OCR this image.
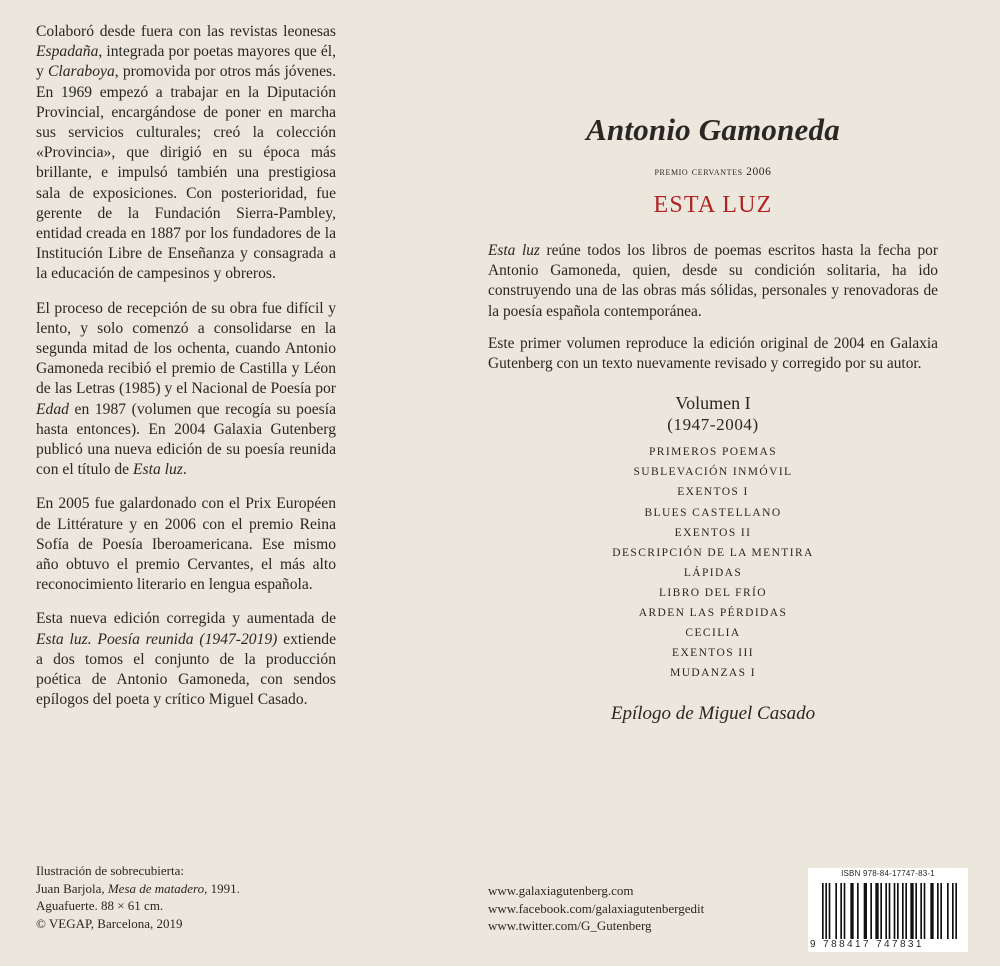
Colaboró desde fuera con las revistas leonesas Espadaña, integrada por poetas mayores que él, y Claraboya, promovida por otros más jóvenes. En 1969 empezó a trabajar en la Diputación Provincial, encargándose de poner en marcha sus servicios culturales; creó la colección «Provincia», que dirigió en su época más brillante, e impulsó también una prestigiosa sala de exposiciones. Con posterioridad, fue gerente de la Fundación Sierra-Pambley, entidad creada en 1887 por los fundadores de la Institución Libre de Enseñanza y consagrada a la educación de campesinos y obreros.

El proceso de recepción de su obra fue difícil y lento, y solo comenzó a consolidarse en la segunda mitad de los ochenta, cuando Antonio Gamoneda recibió el premio de Castilla y Léon de las Letras (1985) y el Nacional de Poesía por Edad en 1987 (volumen que recogía su poesía hasta entonces). En 2004 Galaxia Gutenberg publicó una nueva edición de su poesía reunida con el título de Esta luz.

En 2005 fue galardonado con el Prix Européen de Littérature y en 2006 con el premio Reina Sofía de Poesía Iberoamericana. Ese mismo año obtuvo el premio Cervantes, el más alto reconocimiento literario en lengua española.

Esta nueva edición corregida y aumentada de Esta luz. Poesía reunida (1947-2019) extiende a dos tomos el conjunto de la producción poética de Antonio Gamoneda, con sendos epílogos del poeta y crítico Miguel Casado.

Ilustración de sobrecubierta:
Juan Barjola, Mesa de matadero, 1991.
Aguafuerte. 88 × 61 cm.
© VEGAP, Barcelona, 2019
Antonio Gamoneda
premio cervantes 2006
ESTA LUZ

Esta luz reúne todos los libros de poemas escritos hasta la fecha por Antonio Gamoneda, quien, desde su condición solitaria, ha ido construyendo una de las obras más sólidas, personales y renovadoras de la poesía española contemporánea.

Este primer volumen reproduce la edición original de 2004 en Galaxia Gutenberg con un texto nuevamente revisado y corregido por su autor.

Volumen I
(1947-2004)
PRIMEROS POEMAS
SUBLEVACIÓN INMÓVIL
EXENTOS I
BLUES CASTELLANO
EXENTOS II
DESCRIPCIÓN DE LA MENTIRA
LÁPIDAS
LIBRO DEL FRÍO
ARDEN LAS PÉRDIDAS
CECILIA
EXENTOS III
MUDANZAS I
Epílogo de Miguel Casado
www.galaxiagutenberg.com
www.facebook.com/galaxiagutenbergedit
www.twitter.com/G_Gutenberg
ISBN 978-84-17747-83-1
9 788417 747831
